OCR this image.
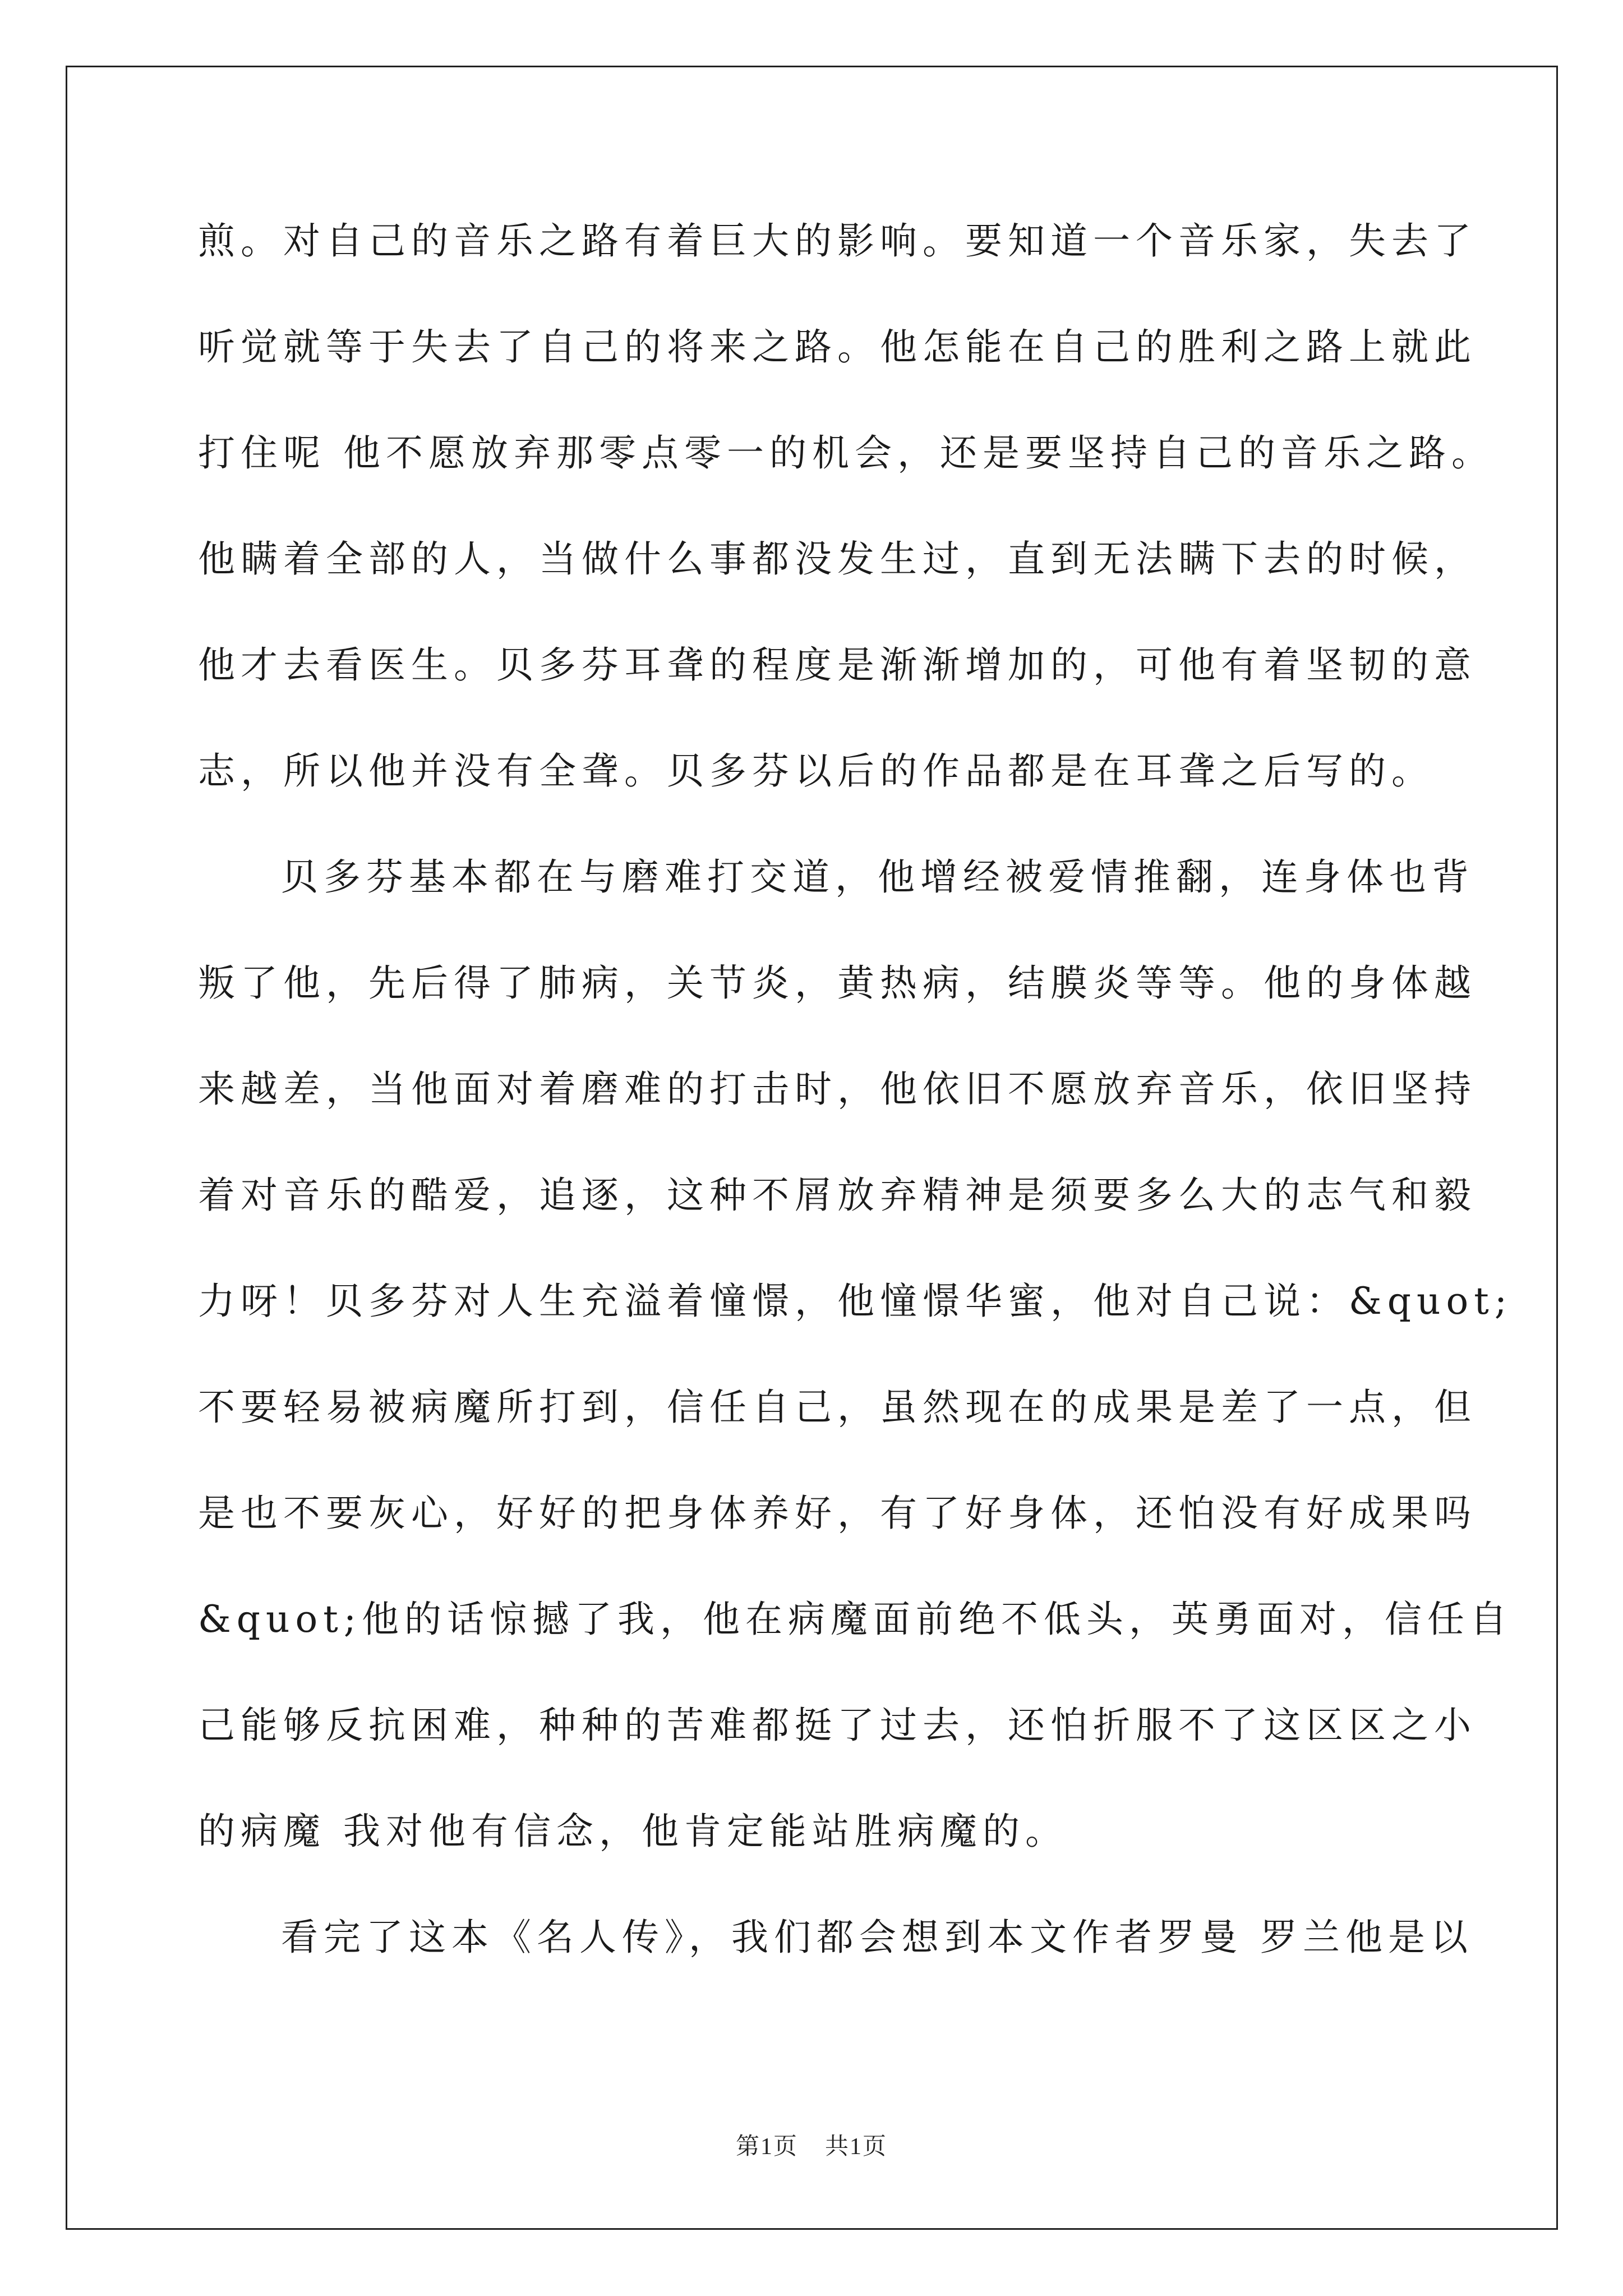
煎。对自己的音乐之路有着巨大的影响。要知道一个音乐家，失去了
听觉就等于失去了自己的将来之路。他怎能在自己的胜利之路上就此
打住呢 他不愿放弃那零点零一的机会，还是要坚持自己的音乐之路。
他瞒着全部的人，当做什么事都没发生过，直到无法瞒下去的时候，
他才去看医生。贝多芬耳聋的程度是渐渐增加的，可他有着坚韧的意
志，所以他并没有全聋。贝多芬以后的作品都是在耳聋之后写的。
贝多芬基本都在与磨难打交道，他增经被爱情推翻，连身体也背
叛了他，先后得了肺病，关节炎，黄热病，结膜炎等等。他的身体越
来越差，当他面对着磨难的打击时，他依旧不愿放弃音乐，依旧坚持
着对音乐的酷爱，追逐，这种不屑放弃精神是须要多么大的志气和毅
力呀！贝多芬对人生充溢着憧憬，他憧憬华蜜，他对自己说：&quot;
不要轻易被病魔所打到，信任自己，虽然现在的成果是差了一点，但
是也不要灰心，好好的把身体养好，有了好身体，还怕没有好成果吗
&quot;他的话惊撼了我，他在病魔面前绝不低头，英勇面对，信任自
己能够反抗困难，种种的苦难都挺了过去，还怕折服不了这区区之小
的病魔 我对他有信念，他肯定能站胜病魔的。
看完了这本《名人传》，我们都会想到本文作者罗曼 罗兰他是以
第1页 共1页
